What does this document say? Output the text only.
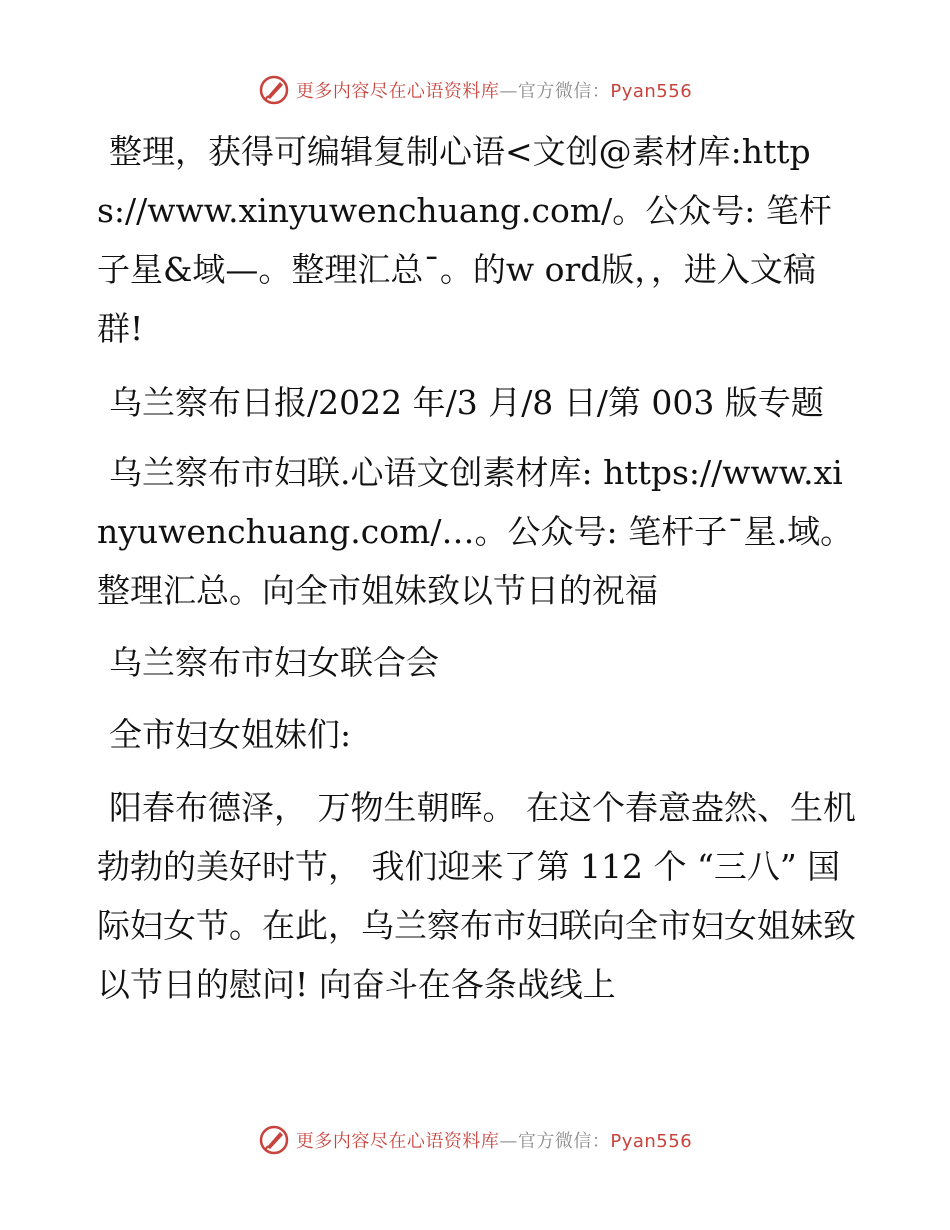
更多内容尽在心语资料库—官方微信：Pyan556

整理，获得可编辑复制心语<文创@素材库:https://www.xinyuwenchuang.com/。公众号: 笔杆子星&域—。整理汇总¯。的w ord版，，进入文稿群!

乌兰察布日报/2022 年/3 月/8 日/第 003 版专题

乌兰察布市妇联.心语文创素材库: https://www.xinyuwenchuang.com/…。公众号: 笔杆子¯星.域。整理汇总。向全市姐妹致以节日的祝福

乌兰察布市妇女联合会

全市妇女姐妹们:

阳春布德泽， 万物生朝晖。 在这个春意盎然、生机勃勃的美好时节， 我们迎来了第 112 个 “三八” 国际妇女节。在此，乌兰察布市妇联向全市妇女姐妹致以节日的慰问! 向奋斗在各条战线上

更多内容尽在心语资料库—官方微信：Pyan556
